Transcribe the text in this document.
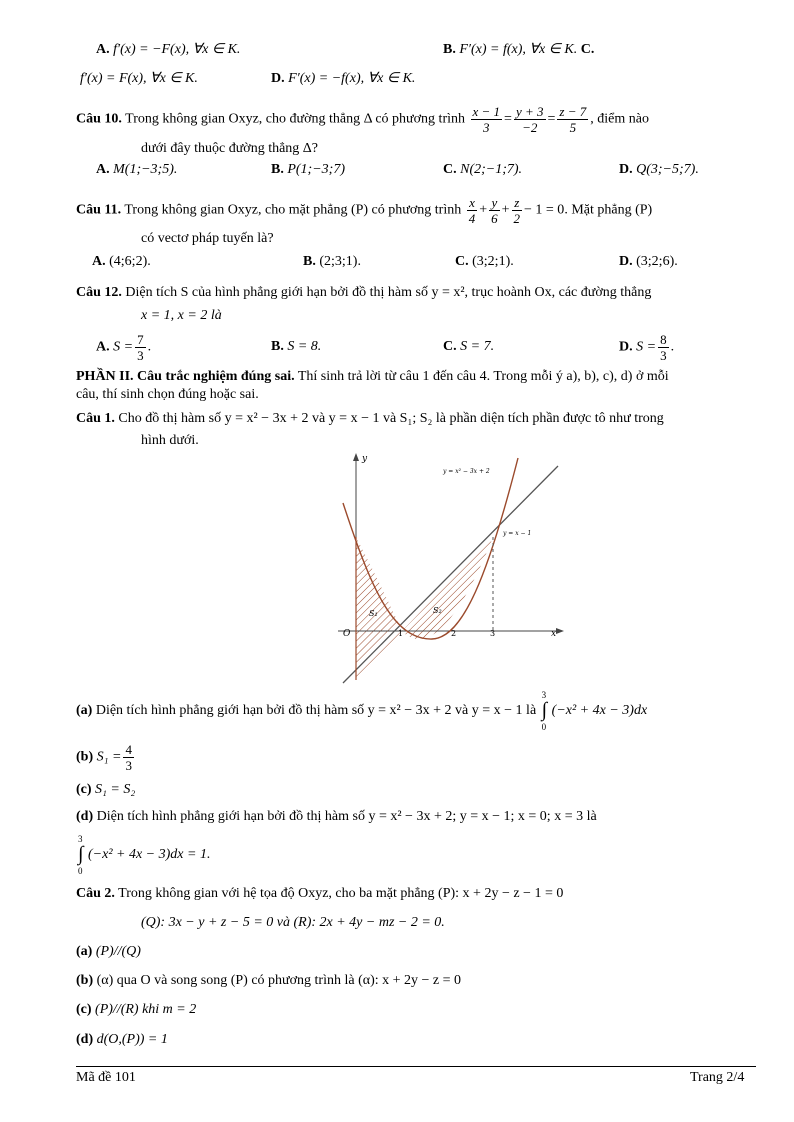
A. f′(x) = −F(x), ∀x ∈ K.	B. F′(x) = f(x), ∀x ∈ K. C.
f′(x) = F(x), ∀x ∈ K.	D. F′(x) = −f(x), ∀x ∈ K.
Câu 10. Trong không gian Oxyz, cho đường thẳng Δ có phương trình $\frac{x - 1}{3} = \frac{y + 3}{-2} = \frac{z - 7}{5}$ , điểm nào
dưới đây thuộc đường thẳng Δ?
A. M(1;−3;5).	B. P(1;−3;7)	C. N(2;−1;7).	D. Q(3;−5;7).
Câu 11. Trong không gian Oxyz, cho mặt phẳng (P) có phương trình $\frac{x}{4} + \frac{y}{6} + \frac{z}{2} - 1 = 0$. Mặt phẳng (P)
có vectơ pháp tuyến là?
A. (4;6;2).	B. (2;3;1).	C. (3;2;1).	D. (3;2;6).
Câu 12. Diện tích S của hình phẳng giới hạn bởi đồ thị hàm số y = x², trục hoành Ox, các đường thẳng
x = 1, x = 2 là
A. $S = \frac{7}{3}$ .	B. S = 8.	C. S = 7.	D. $S = \frac{8}{3}$ .
PHẦN II. Câu trắc nghiệm đúng sai. Thí sinh trả lời từ câu 1 đến câu 4. Trong mỗi ý a), b), c), d) ở mỗi
câu, thí sinh chọn đúng hoặc sai.
Câu 1. Cho đồ thị hàm số y = x² − 3x + 2 và y = x − 1 và S₁; S₂ là phần diện tích phần được tô như trong
hình dưới.
y
x
O	1	2	3
y = x² − 3x + 2
y = x − 1
S₁	S₂
(a) Diện tích hình phẳng giới hạn bởi đồ thị hàm số y = x² − 3x + 2 và y = x − 1 là
3
∫
0
(−x² + 4x − 3)dx
(b) $S_1 = \frac{4}{3}$
(c) S₁ = S₂
(d) Diện tích hình phẳng giới hạn bởi đồ thị hàm số y = x² − 3x + 2; y = x − 1; x = 0; x = 3 là
3
∫
0
(−x² + 4x − 3)dx = 1.
Câu 2. Trong không gian với hệ tọa độ Oxyz, cho ba mặt phẳng (P): x + 2y − z − 1 = 0
(Q): 3x − y + z − 5 = 0 và (R): 2x + 4y − mz − 2 = 0.
(a) (P)//(Q)
(b) (α) qua O và song song (P) có phương trình là (α): x + 2y − z = 0
(c) (P)//(R) khi m = 2
(d) d(O,(P)) = 1
Mã đề 101	Trang 2/4
